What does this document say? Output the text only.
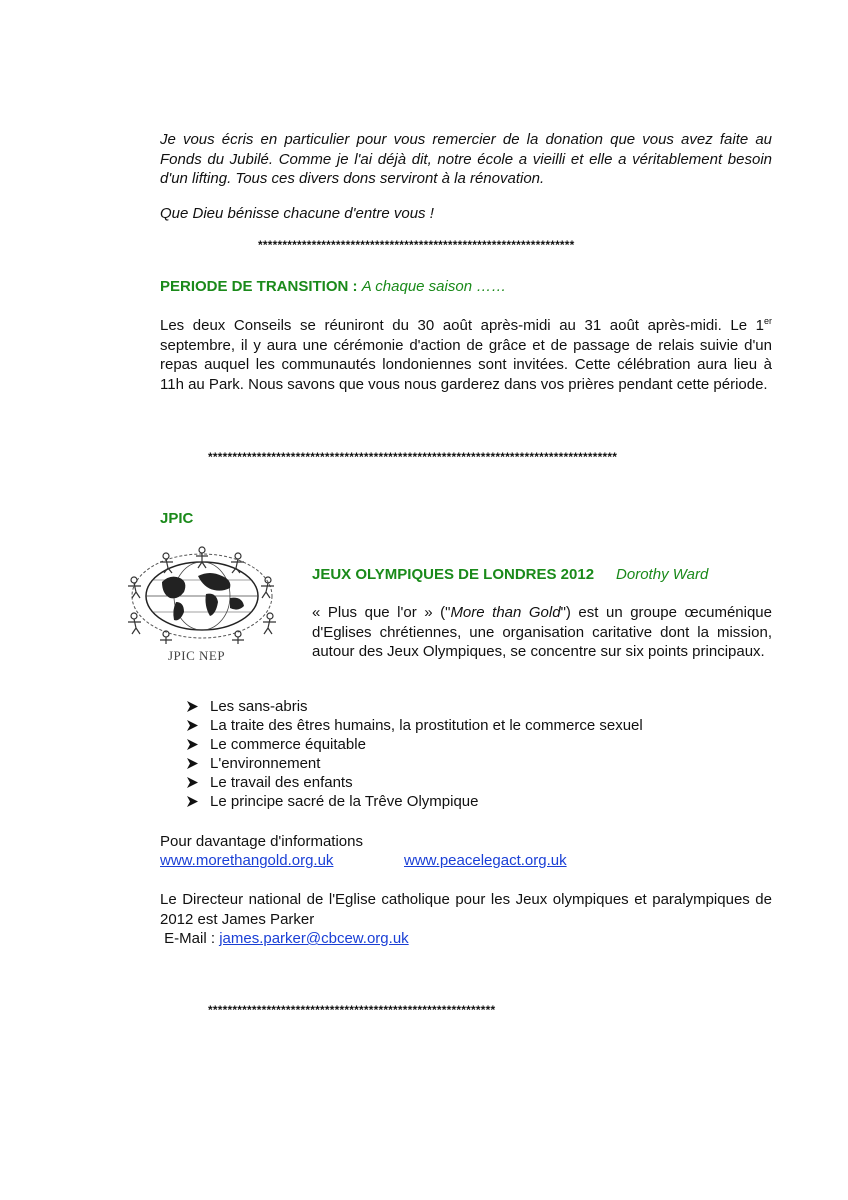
Je vous écris en particulier pour vous remercier de la donation que vous avez faite au Fonds du Jubilé. Comme je l'ai déjà dit, notre école a vieilli et elle a véritablement besoin d'un lifting. Tous ces divers dons serviront à la rénovation.
Que Dieu bénisse chacune d'entre vous !
*****************************************************************
PERIODE DE TRANSITION : A chaque saison ……
Les deux Conseils se réuniront du 30 août après-midi au 31 août après-midi. Le 1er septembre, il y aura une cérémonie d'action de grâce et de passage de relais suivie d'un repas auquel les communautés londoniennes sont invitées. Cette célébration aura lieu à 11h au Park. Nous savons que vous nous garderez dans vos prières pendant cette période.
************************************************************************************
JPIC
JPIC NEP
JEUX OLYMPIQUES DE LONDRES 2012 Dorothy Ward
« Plus que l'or » ("More than Gold") est un groupe œcuménique d'Eglises chrétiennes, une organisation caritative dont la mission, autour des Jeux Olympiques, se concentre sur six points principaux.
Les sans-abris
La traite des êtres humains, la prostitution et le commerce sexuel
Le commerce équitable
L'environnement
Le travail des enfants
Le principe sacré de la Trêve Olympique
Pour davantage d'informations
www.morethangold.org.uk	www.peacelegact.org.uk
Le Directeur national de l'Eglise catholique pour les Jeux olympiques et paralympiques de 2012 est James Parker
E-Mail : james.parker@cbcew.org.uk
***********************************************************
